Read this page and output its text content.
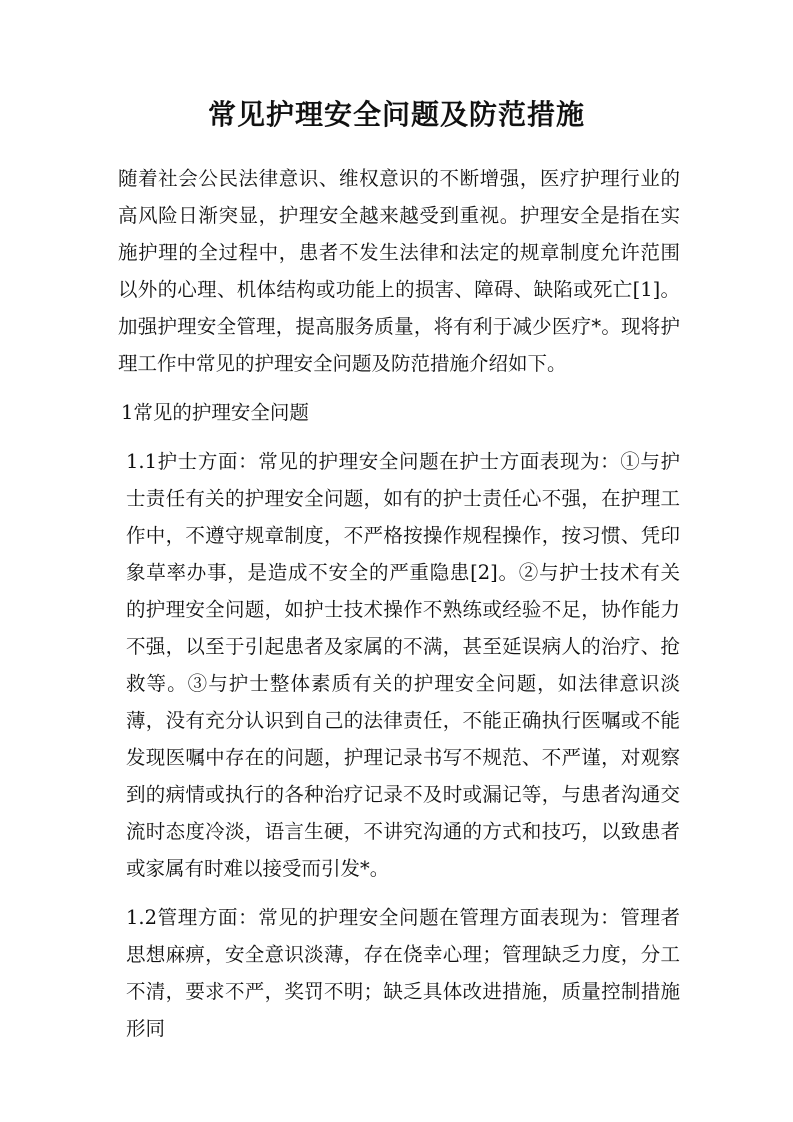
常见护理安全问题及防范措施

随着社会公民法律意识、维权意识的不断增强，医疗护理行业的高风险日渐突显，护理安全越来越受到重视。护理安全是指在实施护理的全过程中，患者不发生法律和法定的规章制度允许范围以外的心理、机体结构或功能上的损害、障碍、缺陷或死亡[1]。加强护理安全管理，提高服务质量，将有利于减少医疗*。现将护理工作中常见的护理安全问题及防范措施介绍如下。

1常见的护理安全问题

1.1护士方面：常见的护理安全问题在护士方面表现为：①与护士责任有关的护理安全问题，如有的护士责任心不强，在护理工作中，不遵守规章制度，不严格按操作规程操作，按习惯、凭印象草率办事，是造成不安全的严重隐患[2]。②与护士技术有关的护理安全问题，如护士技术操作不熟练或经验不足，协作能力不强，以至于引起患者及家属的不满，甚至延误病人的治疗、抢救等。③与护士整体素质有关的护理安全问题，如法律意识淡薄，没有充分认识到自己的法律责任，不能正确执行医嘱或不能发现医嘱中存在的问题，护理记录书写不规范、不严谨，对观察到的病情或执行的各种治疗记录不及时或漏记等，与患者沟通交流时态度冷淡，语言生硬，不讲究沟通的方式和技巧，以致患者或家属有时难以接受而引发*。

1.2管理方面：常见的护理安全问题在管理方面表现为：管理者思想麻痹，安全意识淡薄，存在侥幸心理；管理缺乏力度，分工不清，要求不严，奖罚不明；缺乏具体改进措施，质量控制措施形同
